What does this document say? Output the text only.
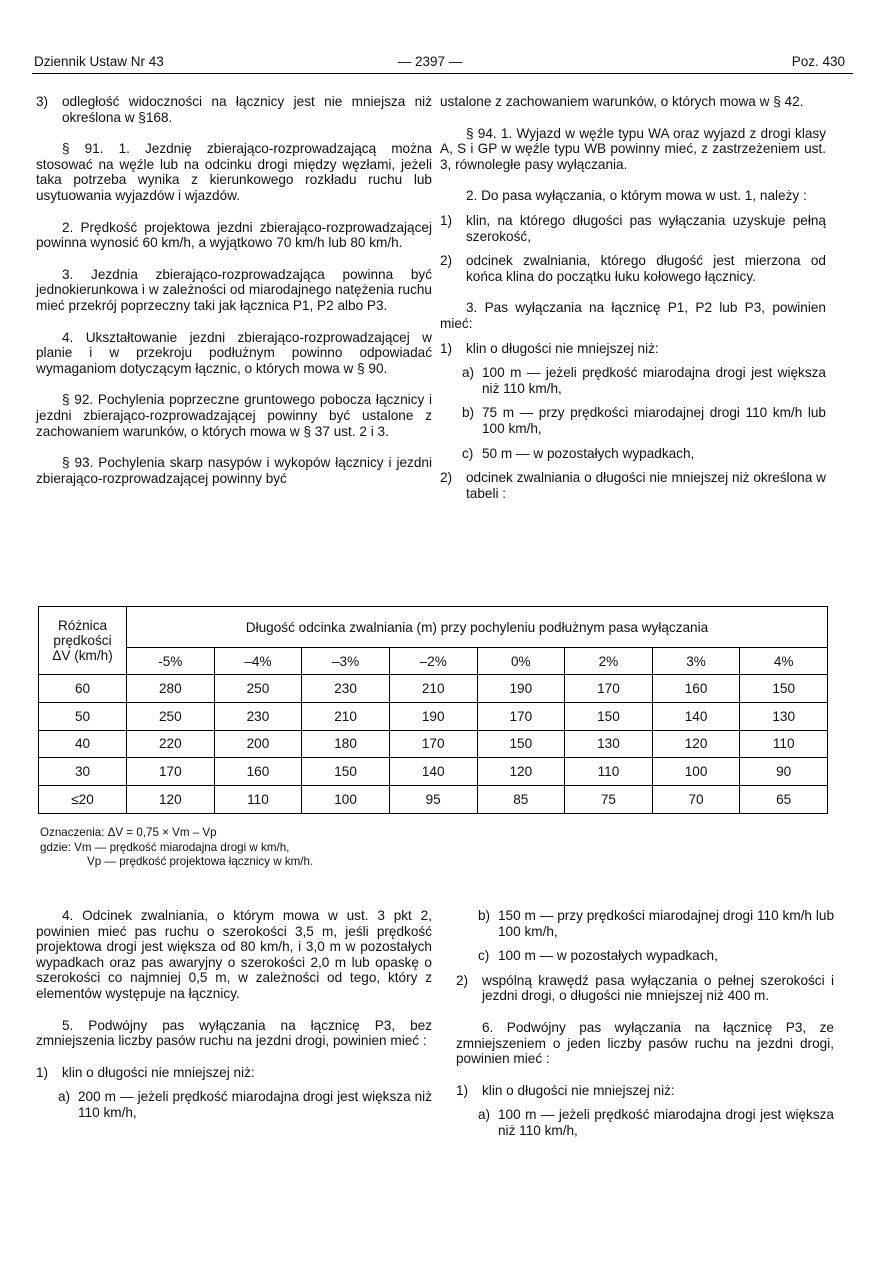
Dziennik Ustaw Nr 43	— 2397 —	Poz. 430
3)	odległość widoczności na łącznicy jest nie mniejsza niż określona w §168.

§ 91. 1. Jezdnię zbierająco-rozprowadzającą można stosować na węźle lub na odcinku drogi między węzłami, jeżeli taka potrzeba wynika z kierunkowego rozkładu ruchu lub usytuowania wyjazdów i wjazdów.

2. Prędkość projektowa jezdni zbierająco-rozprowadzającej powinna wynosić 60 km/h, a wyjątkowo 70 km/h lub 80 km/h.

3. Jezdnia zbierająco-rozprowadzająca powinna być jednokierunkowa i w zależności od miarodajnego natężenia ruchu mieć przekrój poprzeczny taki jak łącznica P1, P2 albo P3.

4. Ukształtowanie jezdni zbierająco-rozprowadzającej w planie i w przekroju podłużnym powinno odpowiadać wymaganiom dotyczącym łącznic, o których mowa w § 90.

§ 92. Pochylenia poprzeczne gruntowego pobocza łącznicy i jezdni zbierająco-rozprowadzającej powinny być ustalone z zachowaniem warunków, o których mowa w § 37 ust. 2 i 3.

§ 93. Pochylenia skarp nasypów i wykopów łącznicy i jezdni zbierająco-rozprowadzającej powinny być

ustalone z zachowaniem warunków, o których mowa w § 42.

§ 94. 1. Wyjazd w węźle typu WA oraz wyjazd z drogi klasy A, S i GP w węźle typu WB powinny mieć, z zastrzeżeniem ust. 3, równoległe pasy wyłączania.

2. Do pasa wyłączania, o którym mowa w ust. 1, należy :

1)	klin, na którego długości pas wyłączania uzyskuje pełną szerokość,
2)	odcinek zwalniania, którego długość jest mierzona od końca klina do początku łuku kołowego łącznicy.

3. Pas wyłączania na łącznicę P1, P2 lub P3, powinien mieć:

1)	klin o długości nie mniejszej niż:
a) 100 m — jeżeli prędkość miarodajna drogi jest większa niż 110 km/h,
b) 75 m — przy prędkości miarodajnej drogi 110 km/h lub 100 km/h,
c) 50 m — w pozostałych wypadkach,
2)	odcinek zwalniania o długości nie mniejszej niż określona w tabeli :
Różnica
prędkości
ΔV (km/h)	Długość odcinka zwalniania (m) przy pochyleniu podłużnym pasa wyłączania							
	-5%	–4%	–3%	–2%	0%	2%	3%	4%
60	280	250	230	210	190	170	160	150
50	250	230	210	190	170	150	140	130
40	220	200	180	170	150	130	120	110
30	170	160	150	140	120	110	100	90
≤20	120	110	100	95	85	75	70	65
Oznaczenia: ΔV = 0,75 × Vm – Vp
gdzie: Vm — prędkość miarodajna drogi w km/h,
Vp — prędkość projektowa łącznicy w km/h.

4. Odcinek zwalniania, o którym mowa w ust. 3 pkt 2, powinien mieć pas ruchu o szerokości 3,5 m, jeśli prędkość projektowa drogi jest większa od 80 km/h, i 3,0 m w pozostałych wypadkach oraz pas awaryjny o szerokości 2,0 m lub opaskę o szerokości co najmniej 0,5 m, w zależności od tego, który z elementów występuje na łącznicy.

5. Podwójny pas wyłączania na łącznicę P3, bez zmniejszenia liczby pasów ruchu na jezdni drogi, powinien mieć :

1)	klin o długości nie mniejszej niż:
a) 200 m — jeżeli prędkość miarodajna drogi jest większa niż 110 km/h,
b) 150 m — przy prędkości miarodajnej drogi 110 km/h lub 100 km/h,
c) 100 m — w pozostałych wypadkach,
2)	wspólną krawędź pasa wyłączania o pełnej szerokości i jezdni drogi, o długości nie mniejszej niż 400 m.

6. Podwójny pas wyłączania na łącznicę P3, ze zmniejszeniem o jeden liczby pasów ruchu na jezdni drogi, powinien mieć :

1)	klin o długości nie mniejszej niż:
a) 100 m — jeżeli prędkość miarodajna drogi jest większa niż 110 km/h,
